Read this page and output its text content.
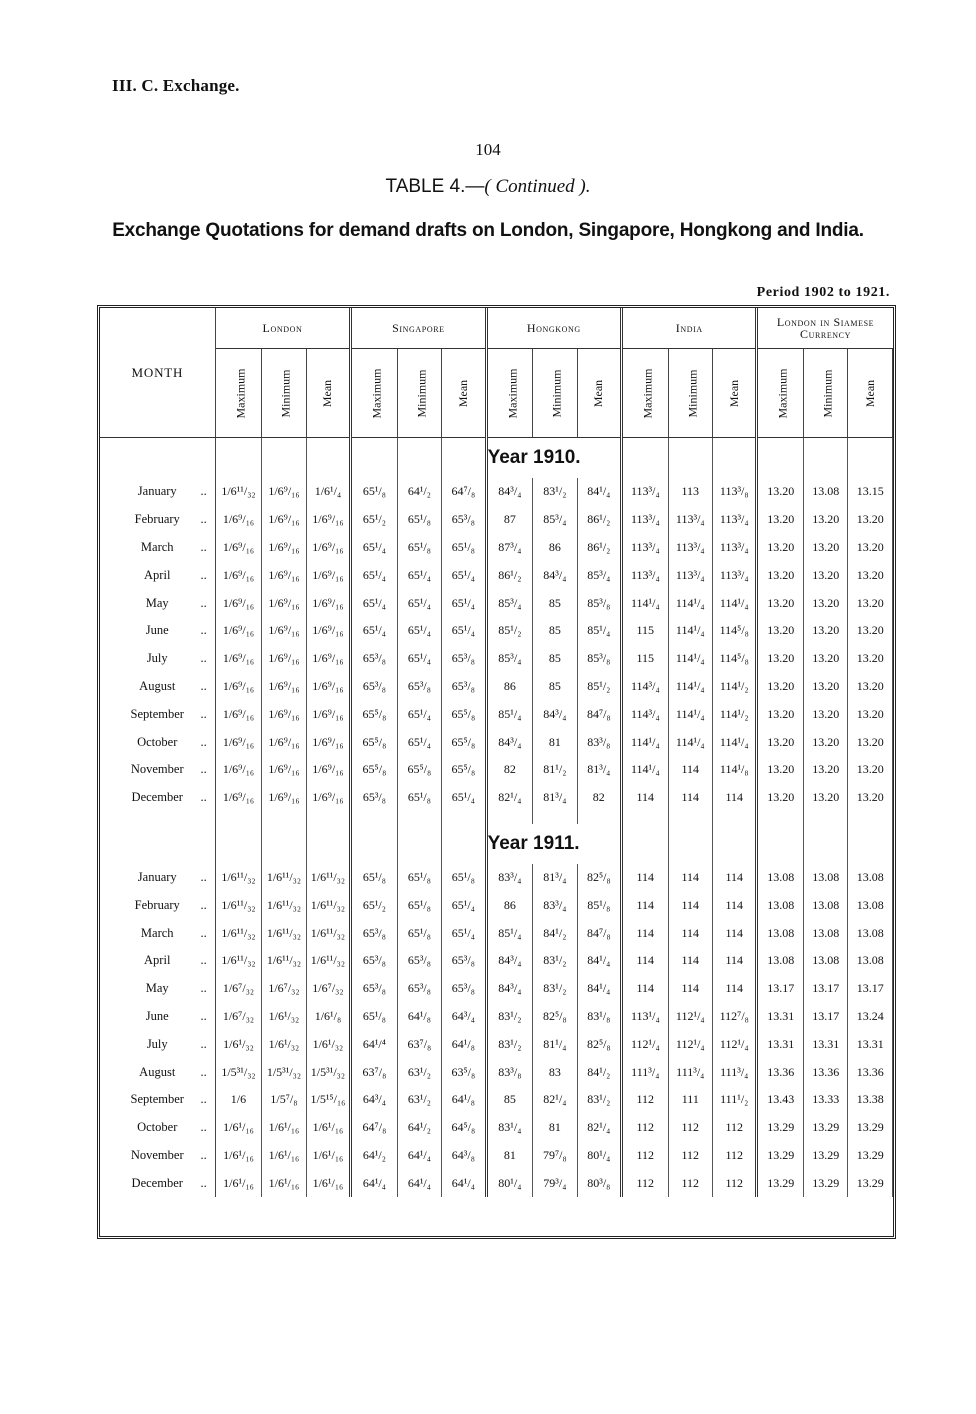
III. C. Exchange.
104
TABLE 4.—( Continued ).
Exchange Quotations for demand drafts on London, Singapore, Hongkong and India.
Period 1902 to 1921.
MONTH	London			Singapore			Hongkong			India			London in Siamese Currency		
	Maximum	Minimum	Mean	Maximum	Minimum	Mean	Maximum	Minimum	Mean	Maximum	Minimum	Mean	Maximum	Minimum	Mean
							Year 1910.								
January ..	1/6¹¹/₃₂	1/6⁹/₁₆	1/6¹/₄	65¹/₈	64¹/₂	64⁷/₈	84³/₄	83¹/₂	84¹/₄	113³/₄	113	113³/₈	13.20	13.08	13.15
February ..	1/6⁹/₁₆	1/6⁹/₁₆	1/6⁹/₁₆	65¹/₂	65¹/₈	65³/₈	87	85³/₄	86¹/₂	113³/₄	113³/₄	113³/₄	13.20	13.20	13.20
March ..	1/6⁹/₁₆	1/6⁹/₁₆	1/6⁹/₁₆	65¹/₄	65¹/₈	65¹/₈	87³/₄	86	86¹/₂	113³/₄	113³/₄	113³/₄	13.20	13.20	13.20
April ..	1/6⁹/₁₆	1/6⁹/₁₆	1/6⁹/₁₆	65¹/₄	65¹/₄	65¹/₄	86¹/₂	84³/₄	85³/₄	113³/₄	113³/₄	113³/₄	13.20	13.20	13.20
May ..	1/6⁹/₁₆	1/6⁹/₁₆	1/6⁹/₁₆	65¹/₄	65¹/₄	65¹/₄	85³/₄	85	85³/₈	114¹/₄	114¹/₄	114¹/₄	13.20	13.20	13.20
June ..	1/6⁹/₁₆	1/6⁹/₁₆	1/6⁹/₁₆	65¹/₄	65¹/₄	65¹/₄	85¹/₂	85	85¹/₄	115	114¹/₄	114⁵/₈	13.20	13.20	13.20
July ..	1/6⁹/₁₆	1/6⁹/₁₆	1/6⁹/₁₆	65³/₈	65¹/₄	65³/₈	85³/₄	85	85³/₈	115	114¹/₄	114⁵/₈	13.20	13.20	13.20
August ..	1/6⁹/₁₆	1/6⁹/₁₆	1/6⁹/₁₆	65³/₈	65³/₈	65³/₈	86	85	85¹/₂	114³/₄	114¹/₄	114¹/₂	13.20	13.20	13.20
September ..	1/6⁹/₁₆	1/6⁹/₁₆	1/6⁹/₁₆	65⁵/₈	65¹/₄	65⁵/₈	85¹/₄	84³/₄	84⁷/₈	114³/₄	114¹/₄	114¹/₂	13.20	13.20	13.20
October ..	1/6⁹/₁₆	1/6⁹/₁₆	1/6⁹/₁₆	65⁵/₈	65¹/₄	65⁵/₈	84³/₄	81	83³/₈	114¹/₄	114¹/₄	114¹/₄	13.20	13.20	13.20
November ..	1/6⁹/₁₆	1/6⁹/₁₆	1/6⁹/₁₆	65⁵/₈	65⁵/₈	65⁵/₈	82	81¹/₂	81³/₄	114¹/₄	114	114¹/₈	13.20	13.20	13.20
December ..	1/6⁹/₁₆	1/6⁹/₁₆	1/6⁹/₁₆	65³/₈	65¹/₈	65¹/₄	82¹/₄	81³/₄	82	114	114	114	13.20	13.20	13.20

							Year 1911.								
January ..	1/6¹¹/₃₂	1/6¹¹/₃₂	1/6¹¹/₃₂	65¹/₈	65¹/₈	65¹/₈	83³/₄	81³/₄	82⁵/₈	114	114	114	13.08	13.08	13.08
February ..	1/6¹¹/₃₂	1/6¹¹/₃₂	1/6¹¹/₃₂	65¹/₂	65¹/₈	65¹/₄	86	83³/₄	85¹/₈	114	114	114	13.08	13.08	13.08
March ..	1/6¹¹/₃₂	1/6¹¹/₃₂	1/6¹¹/₃₂	65³/₈	65¹/₈	65¹/₄	85¹/₄	84¹/₂	84⁷/₈	114	114	114	13.08	13.08	13.08
April ..	1/6¹¹/₃₂	1/6¹¹/₃₂	1/6¹¹/₃₂	65³/₈	65³/₈	65³/₈	84³/₄	83¹/₂	84¹/₄	114	114	114	13.08	13.08	13.08
May ..	1/6⁷/₃₂	1/6⁷/₃₂	1/6⁷/₃₂	65³/₈	65³/₈	65³/₈	84³/₄	83¹/₂	84¹/₄	114	114	114	13.17	13.17	13.17
June ..	1/6⁷/₃₂	1/6¹/₃₂	1/6¹/₈	65¹/₈	64¹/₈	64³/₄	83¹/₂	82⁵/₈	83¹/₈	113¹/₄	112¹/₄	112⁷/₈	13.31	13.17	13.24
July ..	1/6¹/₃₂	1/6¹/₃₂	1/6¹/₃₂	64¹/⁴	63⁷/₈	64¹/₈	83¹/₂	81¹/₄	82⁵/₈	112¹/₄	112¹/₄	112¹/₄	13.31	13.31	13.31
August ..	1/5³¹/₃₂	1/5³¹/₃₂	1/5³¹/₃₂	63⁷/₈	63¹/₂	63⁵/₈	83³/₈	83	84¹/₂	111³/₄	111³/₄	111³/₄	13.36	13.36	13.36
September ..	1/6	1/5⁷/₈	1/5¹⁵/₁₆	64³/₄	63¹/₂	64¹/₈	85	82¹/₄	83¹/₂	112	111	111¹/₂	13.43	13.33	13.38
October ..	1/6¹/₁₆	1/6¹/₁₆	1/6¹/₁₆	64⁷/₈	64¹/₂	64⁵/₈	83¹/₄	81	82¹/₄	112	112	112	13.29	13.29	13.29
November ..	1/6¹/₁₆	1/6¹/₁₆	1/6¹/₁₆	64¹/₂	64¹/₄	64³/₈	81	79⁷/₈	80¹/₄	112	112	112	13.29	13.29	13.29
December ..	1/6¹/₁₆	1/6¹/₁₆	1/6¹/₁₆	64¹/₄	64¹/₄	64¹/₄	80¹/₄	79³/₄	80³/₈	112	112	112	13.29	13.29	13.29
